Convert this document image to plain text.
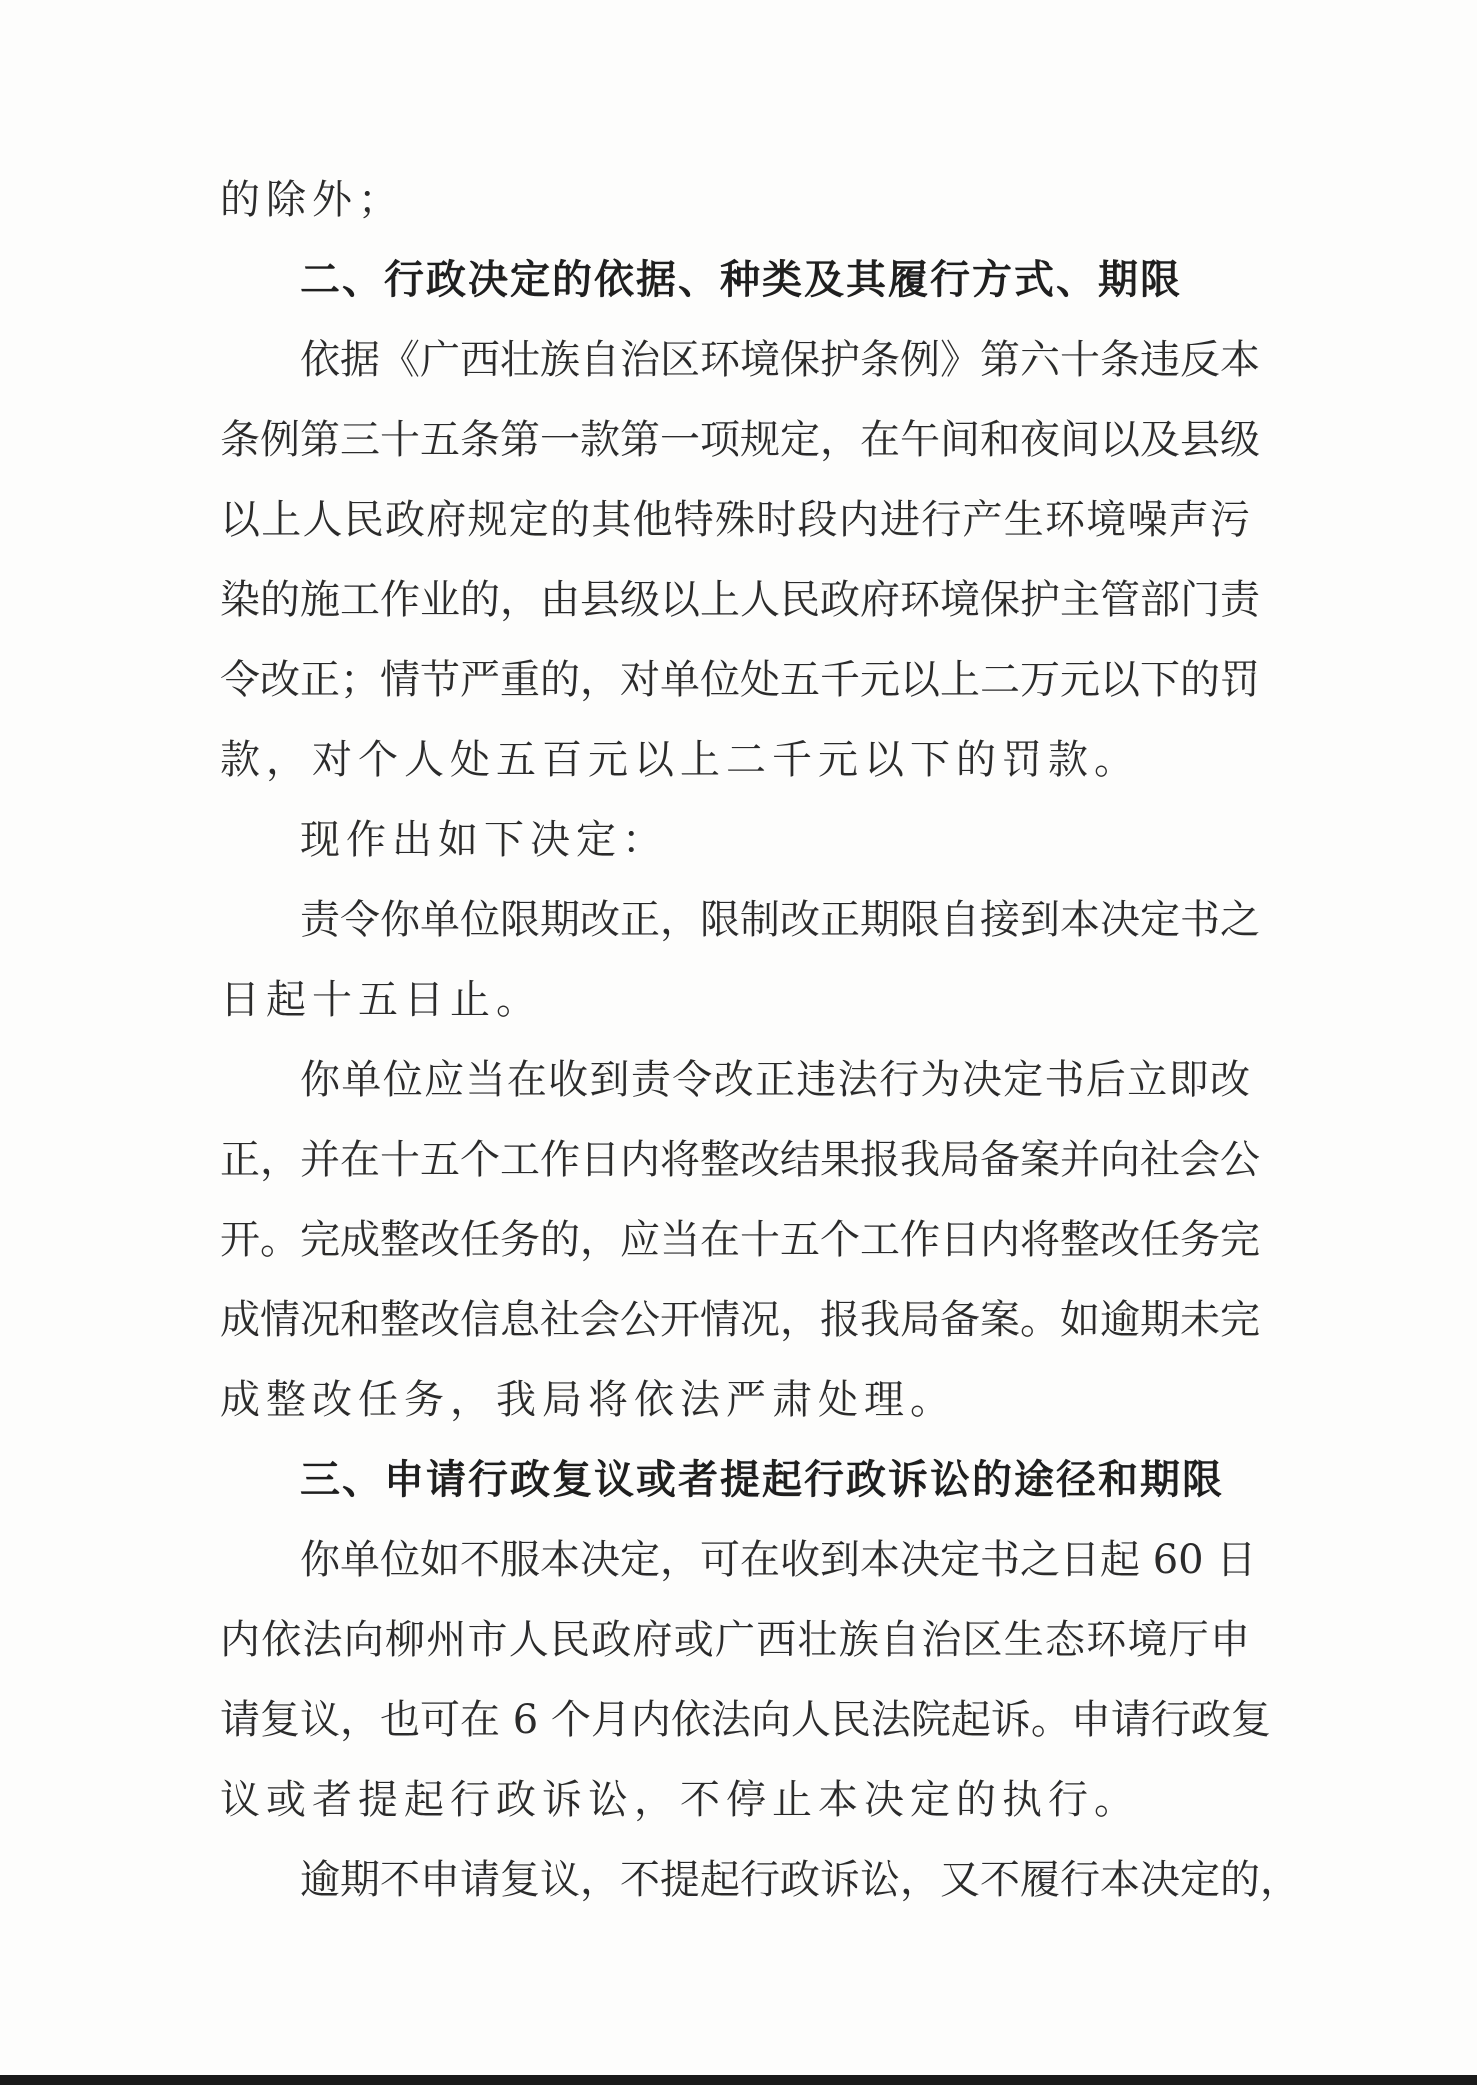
的除外；
二、行政决定的依据、种类及其履行方式、期限
依据《广西壮族自治区环境保护条例》第六十条违反本
条例第三十五条第一款第一项规定，在午间和夜间以及县级
以上人民政府规定的其他特殊时段内进行产生环境噪声污
染的施工作业的，由县级以上人民政府环境保护主管部门责
令改正；情节严重的，对单位处五千元以上二万元以下的罚
款，对个人处五百元以上二千元以下的罚款。
现作出如下决定：
责令你单位限期改正，限制改正期限自接到本决定书之
日起十五日止。
你单位应当在收到责令改正违法行为决定书后立即改
正，并在十五个工作日内将整改结果报我局备案并向社会公
开。完成整改任务的，应当在十五个工作日内将整改任务完
成情况和整改信息社会公开情况，报我局备案。如逾期未完
成整改任务，我局将依法严肃处理。
三、申请行政复议或者提起行政诉讼的途径和期限
你单位如不服本决定，可在收到本决定书之日起 60 日
内依法向柳州市人民政府或广西壮族自治区生态环境厅申
请复议，也可在 6 个月内依法向人民法院起诉。申请行政复
议或者提起行政诉讼，不停止本决定的执行。
逾期不申请复议，不提起行政诉讼，又不履行本决定的，
